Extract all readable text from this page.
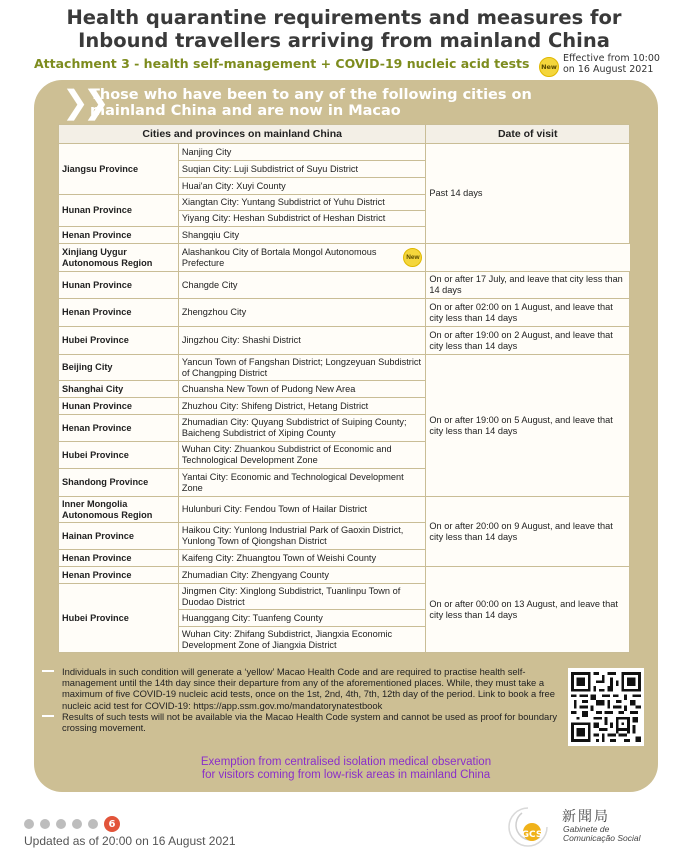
Health quarantine requirements and measures for
Inbound travellers arriving from mainland China
Attachment 3 - health self-management + COVID-19 nucleic acid tests	New
Effective from 10:00
on 16 August 2021
❯❯
Those who have been to any of the following cities on
mainland China and are now in Macao
Cities and provinces on mainland China		Date of visit
Jiangsu Province	Nanjing City	Past 14 days
	Suqian City: Luji Subdistrict of Suyu District	
	Huai'an City: Xuyi County	
Hunan Province	Xiangtan City: Yuntang Subdistrict of Yuhu District	
	Yiyang City: Heshan Subdistrict of Heshan District	
Henan Province	Shangqiu City	
Xinjiang Uygur Autonomous Region	Alashankou City of Bortala Mongol Autonomous Prefecture New	

Hunan Province	Changde City	On or after 17 July, and leave that city less than 14 days
Henan Province	Zhengzhou City	On or after 02:00 on 1 August, and leave that city less than 14 days
Hubei Province	Jingzhou City: Shashi District	On or after 19:00 on 2 August, and leave that city less than 14 days
Beijing City	Yancun Town of Fangshan District; Longzeyuan Subdistrict of Changping District	On or after 19:00 on 5 August, and leave that city less than 14 days
Shanghai City	Chuansha New Town of Pudong New Area	
Hunan Province	Zhuzhou City: Shifeng District, Hetang District	
Henan Province	Zhumadian City: Quyang Subdistrict of Suiping County; Baicheng Subdistrict of Xiping County	
Hubei Province	Wuhan City: Zhuankou Subdistrict of Economic and Technological Development Zone	
Shandong Province	Yantai City: Economic and Technological Development Zone	
Inner Mongolia Autonomous Region	Hulunburi City: Fendou Town of Hailar District	On or after 20:00 on 9 August, and leave that city less than 14 days
Hainan Province	Haikou City: Yunlong Industrial Park of Gaoxin District, Yunlong Town of Qiongshan District	
Henan Province	Kaifeng City: Zhuangtou Town of Weishi County	
Henan Province	Zhumadian City: Zhengyang County	On or after 00:00 on 13 August, and leave that city less than 14 days
Hubei Province	Jingmen City: Xinglong Subdistrict, Tuanlinpu Town of Duodao District	
	Huanggang City: Tuanfeng County	
	Wuhan City: Zhifang Subdistrict, Jiangxia Economic Development Zone of Jiangxia District	
Individuals in such condition will generate a ‘yellow’ Macao Health Code and are required to practise health self-management until the 14th day since their departure from any of the aforementioned places. While, they must take a maximum of five COVID-19 nucleic acid tests, once on the 1st, 2nd, 4th, 7th, 12th day of the period. Link to book a free nucleic acid test for COVID-19: https://app.ssm.gov.mo/mandatorynatestbook
Results of such tests will not be available via the Macao Health Code system and cannot be used as proof for boundary crossing movement.
Exemption from centralised isolation medical observation
for visitors coming from low-risk areas in mainland China
6
Updated as of 20:00 on 16 August 2021	GCS
新聞局
Gabinete de
Comunicação Social
